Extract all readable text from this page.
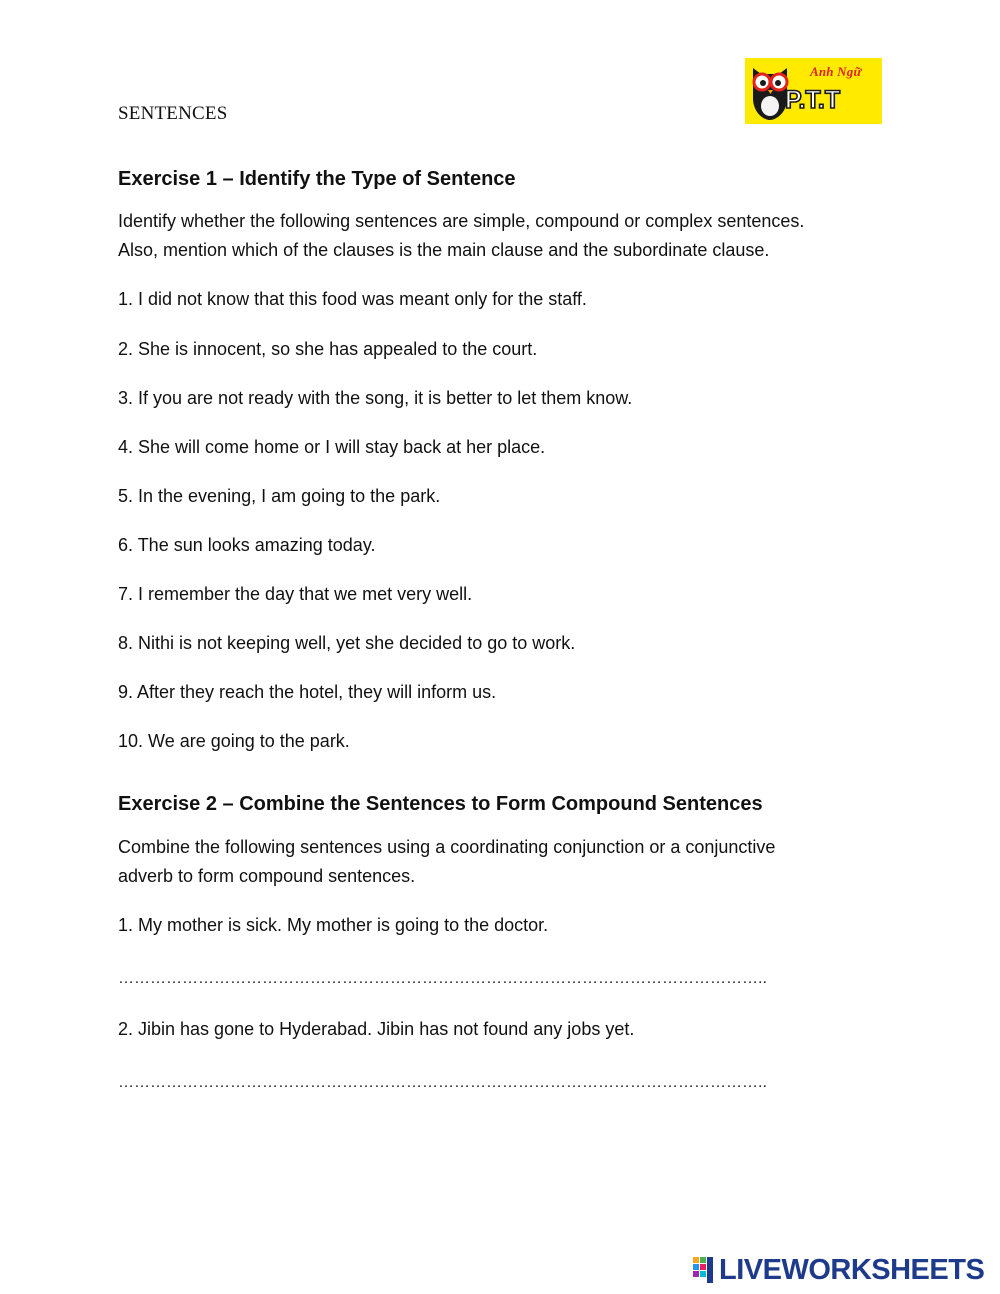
SENTENCES
Anh Ngữ
P.T.T
Exercise 1 – Identify the Type of Sentence
Identify whether the following sentences are simple, compound or complex sentences.
Also, mention which of the clauses is the main clause and the subordinate clause.
1. I did not know that this food was meant only for the staff.
2. She is innocent, so she has appealed to the court.
3. If you are not ready with the song, it is better to let them know.
4. She will come home or I will stay back at her place.
5. In the evening, I am going to the park.
6. The sun looks amazing today.
7. I remember the day that we met very well.
8. Nithi is not keeping well, yet she decided to go to work.
9. After they reach the hotel, they will inform us.
10. We are going to the park.
Exercise 2 – Combine the Sentences to Form Compound Sentences
Combine the following sentences using a coordinating conjunction or a conjunctive
adverb to form compound sentences.
1. My mother is sick. My mother is going to the doctor.
…………………………………………………………………………………………………………..
2. Jibin has gone to Hyderabad. Jibin has not found any jobs yet.
…………………………………………………………………………………………………………..
LIVEWORKSHEETS
